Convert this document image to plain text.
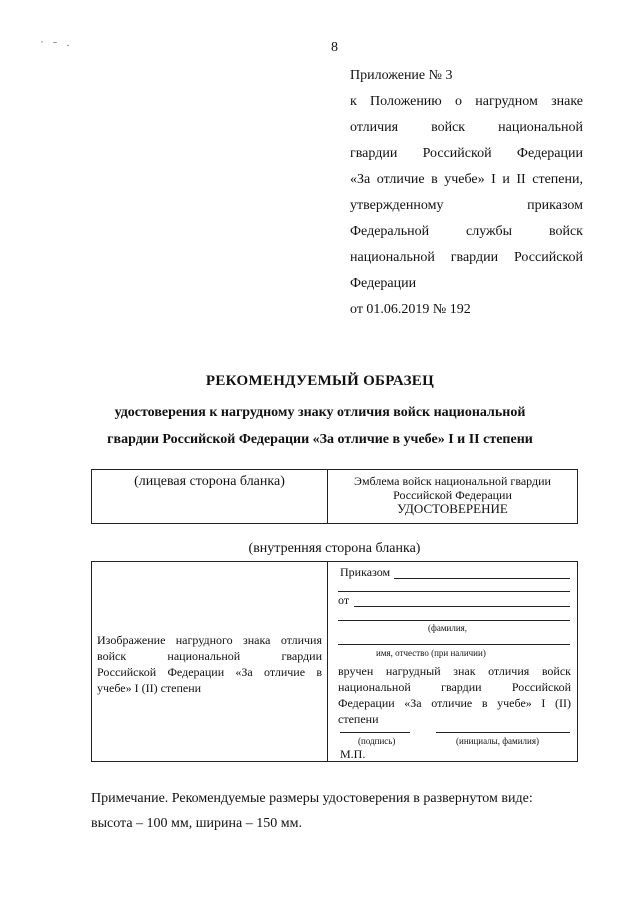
˙ ˉ ·	8
Приложение № 3
к Положению о нагрудном знаке
отличия войск национальной
гвардии Российской Федерации
«За отличие в учебе» I и II степени,
утвержденному приказом
Федеральной службы войск
национальной гвардии Российской
Федерации
от 01.06.2019 № 192
РЕКОМЕНДУЕМЫЙ ОБРАЗЕЦ
удостоверения к нагрудному знаку отличия войск национальной
гвардии Российской Федерации «За отличие в учебе» I и II степени
(лицевая сторона бланка)	Эмблема войск национальной гвардии
Российской Федерации
УДОСТОВЕРЕНИЕ
(внутренняя сторона бланка)
Изображение нагрудного знака отличия
войск национальной гвардии
Российской Федерации «За отличие в
учебе» I (II) степени
Приказом
от
(фамилия,
имя, отчество (при наличии)
вручен нагрудный знак отличия войск
национальной гвардии Российской
Федерации «За отличие в учебе» I (II)
степени
(подпись)	(инициалы, фамилия)
М.П.
Примечание. Рекомендуемые размеры удостоверения в развернутом виде:
высота – 100 мм, ширина – 150 мм.
